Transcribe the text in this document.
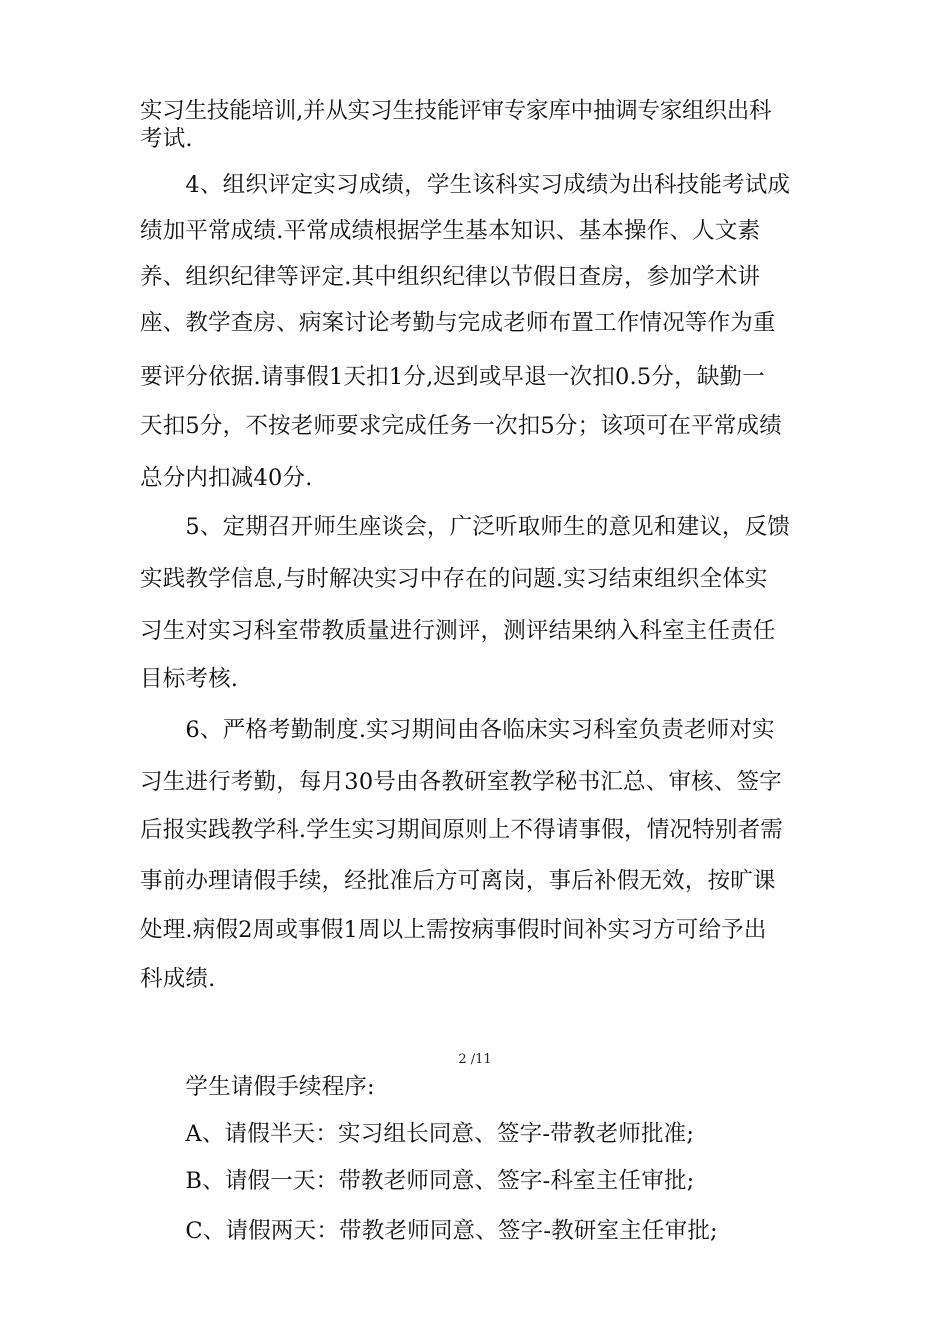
实习生技能培训,并从实习生技能评审专家库中抽调专家组织出科
考试.
　　4、组织评定实习成绩，学生该科实习成绩为出科技能考试成
绩加平常成绩.平常成绩根据学生基本知识、基本操作、人文素
养、组织纪律等评定.其中组织纪律以节假日查房，参加学术讲
座、教学查房、病案讨论考勤与完成老师布置工作情况等作为重
要评分依据.请事假1天扣1分,迟到或早退一次扣0.5分，缺勤一
天扣5分，不按老师要求完成任务一次扣5分；该项可在平常成绩
总分内扣减40分.
　　5、定期召开师生座谈会，广泛听取师生的意见和建议，反馈
实践教学信息,与时解决实习中存在的问题.实习结束组织全体实
习生对实习科室带教质量进行测评，测评结果纳入科室主任责任
目标考核.
　　6、严格考勤制度.实习期间由各临床实习科室负责老师对实
习生进行考勤，每月30号由各教研室教学秘书汇总、审核、签字
后报实践教学科.学生实习期间原则上不得请事假，情况特别者需
事前办理请假手续，经批准后方可离岗，事后补假无效，按旷课
处理.病假2周或事假1周以上需按病事假时间补实习方可给予出
科成绩.
2 /11
　　学生请假手续程序:
　　A、请假半天：实习组长同意、签字-带教老师批准;
　　B、请假一天：带教老师同意、签字-科室主任审批;
　　C、请假两天：带教老师同意、签字-教研室主任审批;
